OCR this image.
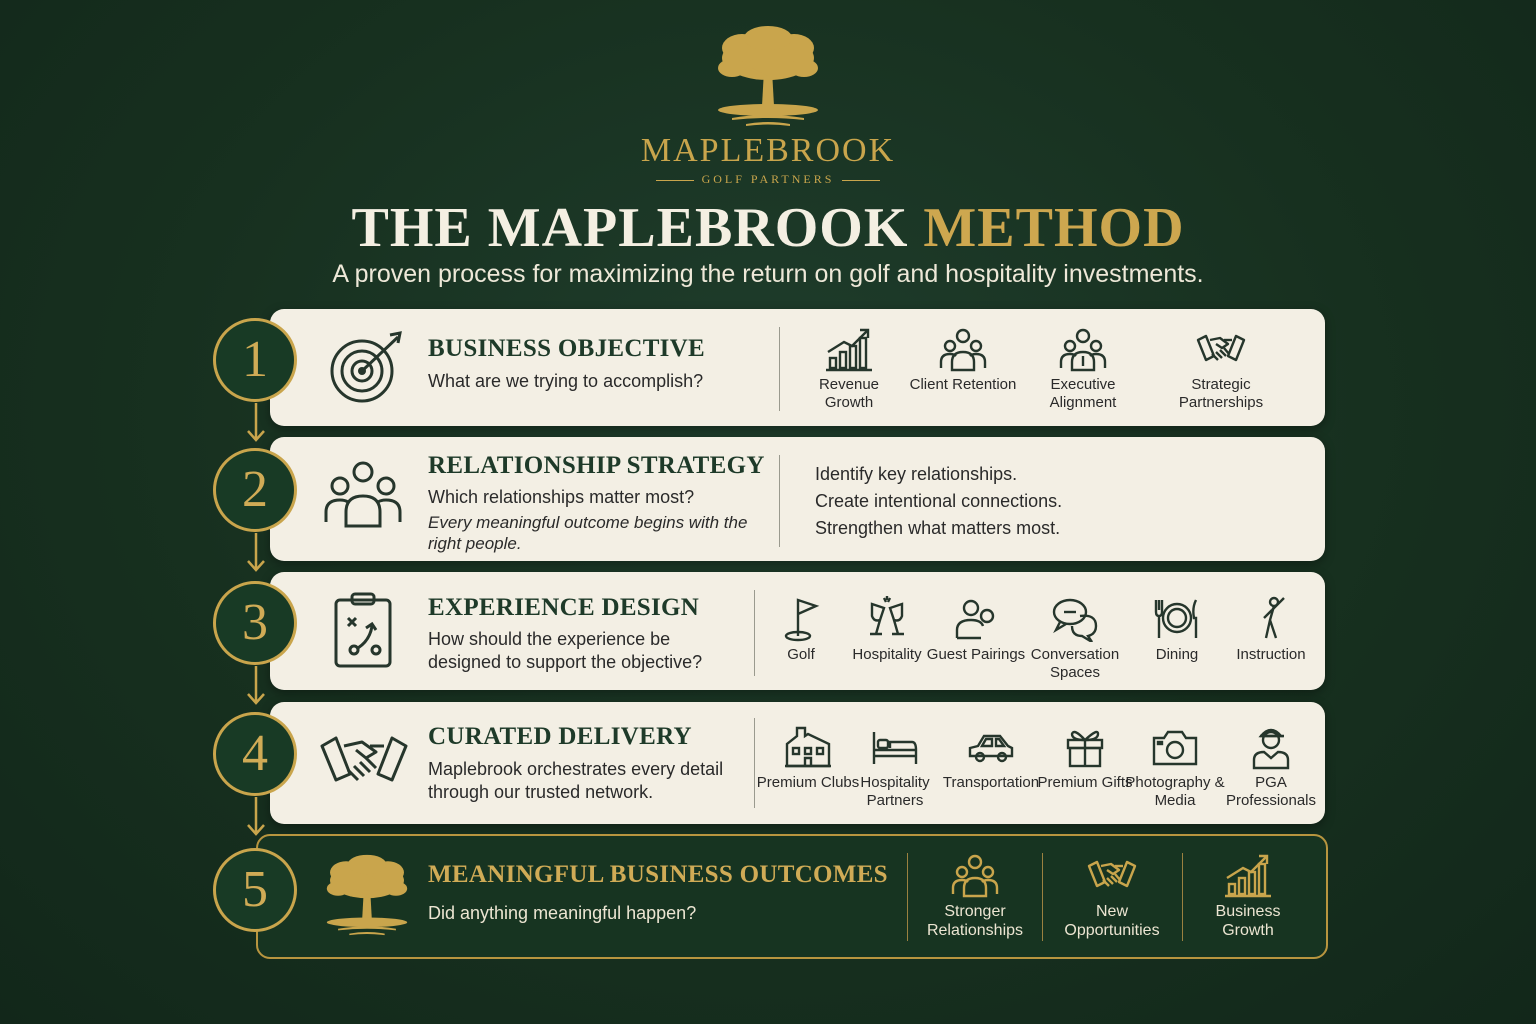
MAPLEBROOK
GOLF PARTNERS
THE MAPLEBROOK METHOD
A proven process for maximizing the return on golf and hospitality investments.
1	BUSINESS OBJECTIVE
What are we trying to accomplish?	Revenue Growth
Client Retention	Executive Alignment
Strategic Partnerships
2	RELATIONSHIP STRATEGY
Which relationships matter most?
Every meaningful outcome begins with the right people.
Identify key relationships.
Create intentional connections.
Strengthen what matters most.
3	EXPERIENCE DESIGN
How should the experience be designed to support the objective?	Golf	Hospitality Guest Pairings Conversation Spaces
Dining	Instruction
4	CURATED DELIVERY
Maplebrook orchestrates every detail through our trusted network.	Premium Clubs Hospitality Partners
Transportation
Premium Gifts
Photography & Media
PGA Professionals
5	MEANINGFUL BUSINESS OUTCOMES
Did anything meaningful happen?	Stronger Relationships
New Opportunities
Business Growth
